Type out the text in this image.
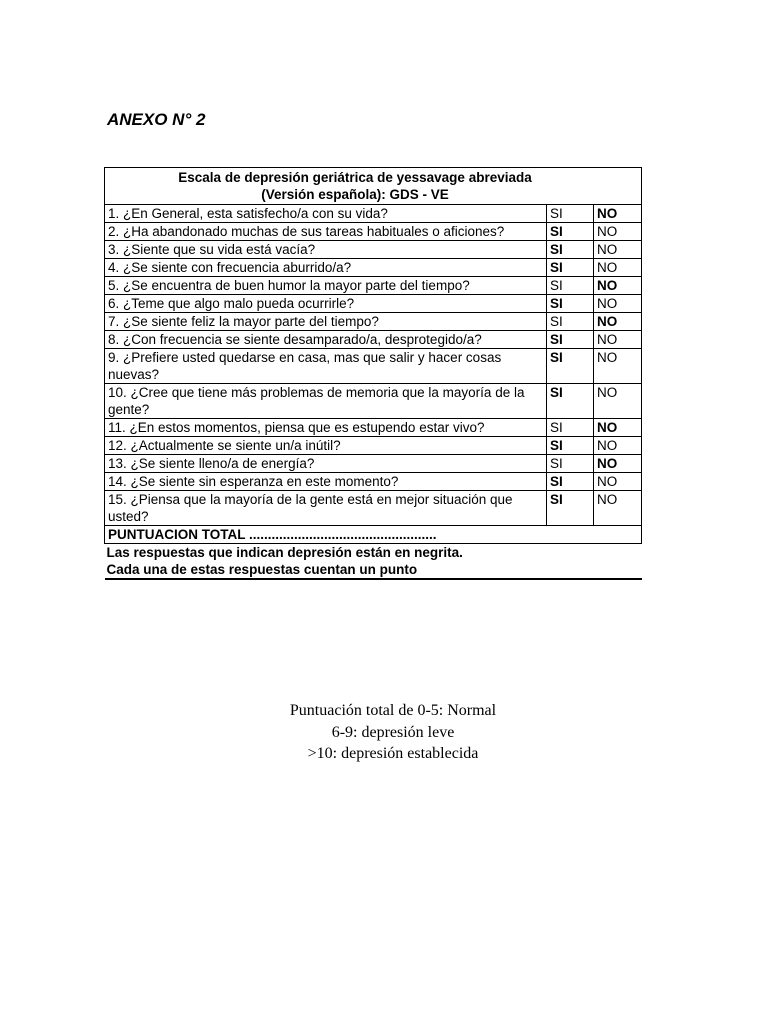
ANEXO N° 2
Escala de depresión geriátrica de yessavage abreviada
(Versión española): GDS - VE		

1. ¿En General, esta satisfecho/a con su vida?	SI	NO
2. ¿Ha abandonado muchas de sus tareas habituales o aficiones?	SI	NO
3. ¿Siente que su vida está vacía?	SI	NO
4. ¿Se siente con frecuencia aburrido/a?	SI	NO
5. ¿Se encuentra de buen humor la mayor parte del tiempo?	SI	NO
6. ¿Teme que algo malo pueda ocurrirle?	SI	NO
7. ¿Se siente feliz la mayor parte del tiempo?	SI	NO
8. ¿Con frecuencia se siente desamparado/a, desprotegido/a?	SI	NO
9. ¿Prefiere usted quedarse en casa, mas que salir y hacer cosas nuevas?	SI	NO
10. ¿Cree que tiene más problemas de memoria que la mayoría de la gente?	SI	NO
11. ¿En estos momentos, piensa que es estupendo estar vivo?	SI	NO
12. ¿Actualmente se siente un/a inútil?	SI	NO
13. ¿Se siente lleno/a de energía?	SI	NO
14. ¿Se siente sin esperanza en este momento?	SI	NO
15. ¿Piensa que la mayoría de la gente está en mejor situación que usted?	SI	NO
PUNTUACION TOTAL ..................................................		

Las respuestas que indican depresión están en negrita.
Cada una de estas respuestas cuentan un punto		
Puntuación total de 0-5: Normal
6-9: depresión leve
>10: depresión establecida
